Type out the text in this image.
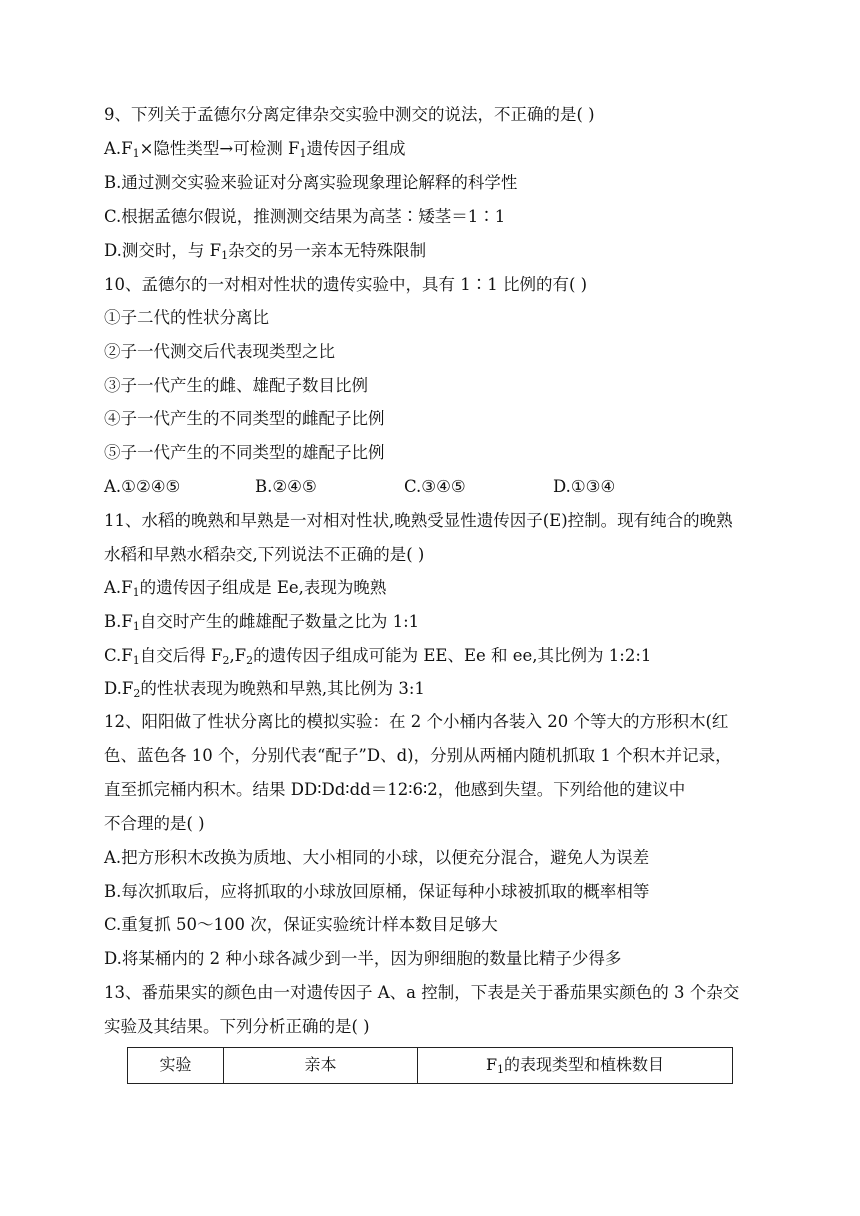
9、下列关于孟德尔分离定律杂交实验中测交的说法，不正确的是( )
$A.F_1\times$隐性类型→可检测 $F_1$遗传因子组成
B.通过测交实验来验证对分离实验现象理论解释的科学性
C.根据孟德尔假说，推测测交结果为高茎∶矮茎＝1∶1
D.测交时，与 $F_1$杂交的另一亲本无特殊限制
10、孟德尔的一对相对性状的遗传实验中，具有 1∶1 比例的有( )
①子二代的性状分离比
②子一代测交后代表现类型之比
③子一代产生的雌、雄配子数目比例
④子一代产生的不同类型的雌配子比例
⑤子一代产生的不同类型的雄配子比例
A.①②④⑤	B.②④⑤	C.③④⑤	D.①③④
11、水稻的晚熟和早熟是一对相对性状,晚熟受显性遗传因子(E)控制。现有纯合的晚熟
水稻和早熟水稻杂交,下列说法不正确的是( )
$A.F_1$的遗传因子组成是 Ee,表现为晚熟
$B.F_1$自交时产生的雌雄配子数量之比为 1:1
$C.F_1$自交后得 $F_2,F_2$的遗传因子组成可能为 EE、Ee 和 ee,其比例为 1:2:1
$D.F_2$的性状表现为晚熟和早熟,其比例为 3:1
12、阳阳做了性状分离比的模拟实验：在 2 个小桶内各装入 20 个等大的方形积木(红
色、蓝色各 10 个，分别代表“配子”D、d)，分别从两桶内随机抓取 1 个积木并记录，
直至抓完桶内积木。结果 DD∶Dd∶dd＝12∶6∶2，他感到失望。下列给他的建议中
不合理的是( )
A.把方形积木改换为质地、大小相同的小球，以便充分混合，避免人为误差
B.每次抓取后，应将抓取的小球放回原桶，保证每种小球被抓取的概率相等
C.重复抓 50～100 次，保证实验统计样本数目足够大
D.将某桶内的 2 种小球各减少到一半，因为卵细胞的数量比精子少得多
13、番茄果实的颜色由一对遗传因子 A、a 控制，下表是关于番茄果实颜色的 3 个杂交
实验及其结果。下列分析正确的是( )
实验	亲本	$F_1$的表现类型和植株数目
